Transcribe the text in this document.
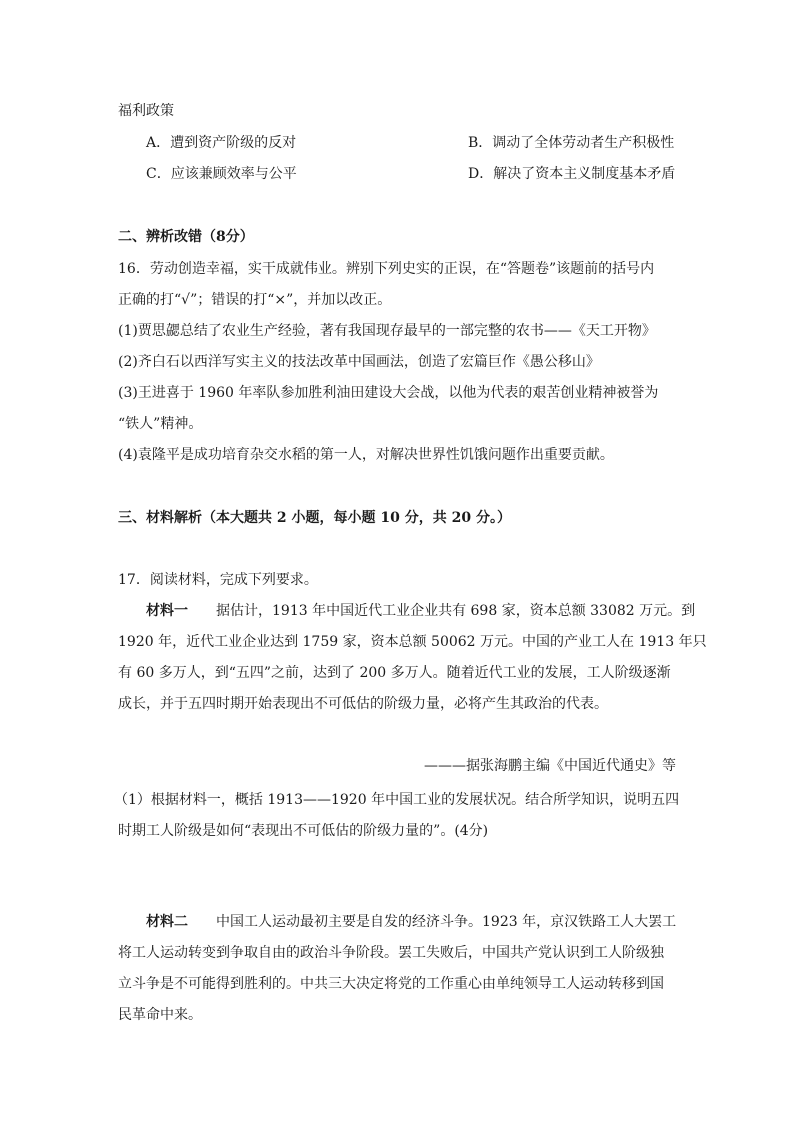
福利政策
A．遭到资产阶级的反对	B．调动了全体劳动者生产积极性
C．应该兼顾效率与公平	D．解决了资本主义制度基本矛盾
二、辨析改错（8分）
16．劳动创造幸福，实干成就伟业。辨别下列史实的正误，在“答题卷”该题前的括号内
正确的打“√”；错误的打“×”，并加以改正。
(1)贾思勰总结了农业生产经验，著有我国现存最早的一部完整的农书——《天工开物》
(2)齐白石以西洋写实主义的技法改革中国画法，创造了宏篇巨作《愚公移山》
(3)王进喜于 1960 年率队参加胜利油田建设大会战，以他为代表的艰苦创业精神被誉为
“铁人”精神。
(4)袁隆平是成功培育杂交水稻的第一人，对解决世界性饥饿问题作出重要贡献。
三、材料解析（本大题共 2 小题，每小题 10 分，共 20 分。）
17．阅读材料，完成下列要求。
材料一 据估计，1913 年中国近代工业企业共有 698 家，资本总额 33082 万元。到
1920 年，近代工业企业达到 1759 家，资本总额 50062 万元。中国的产业工人在 1913 年只
有 60 多万人，到“五四”之前，达到了 200 多万人。随着近代工业的发展，工人阶级逐渐
成长，并于五四时期开始表现出不可低估的阶级力量，必将产生其政治的代表。
———据张海鹏主编《中国近代通史》等
（1）根据材料一，概括 1913——1920 年中国工业的发展状况。结合所学知识，说明五四
时期工人阶级是如何“表现出不可低估的阶级力量的”。(4分)
材料二 中国工人运动最初主要是自发的经济斗争。1923 年，京汉铁路工人大罢工
将工人运动转变到争取自由的政治斗争阶段。罢工失败后，中国共产党认识到工人阶级独
立斗争是不可能得到胜利的。中共三大决定将党的工作重心由单纯领导工人运动转移到国
民革命中来。
